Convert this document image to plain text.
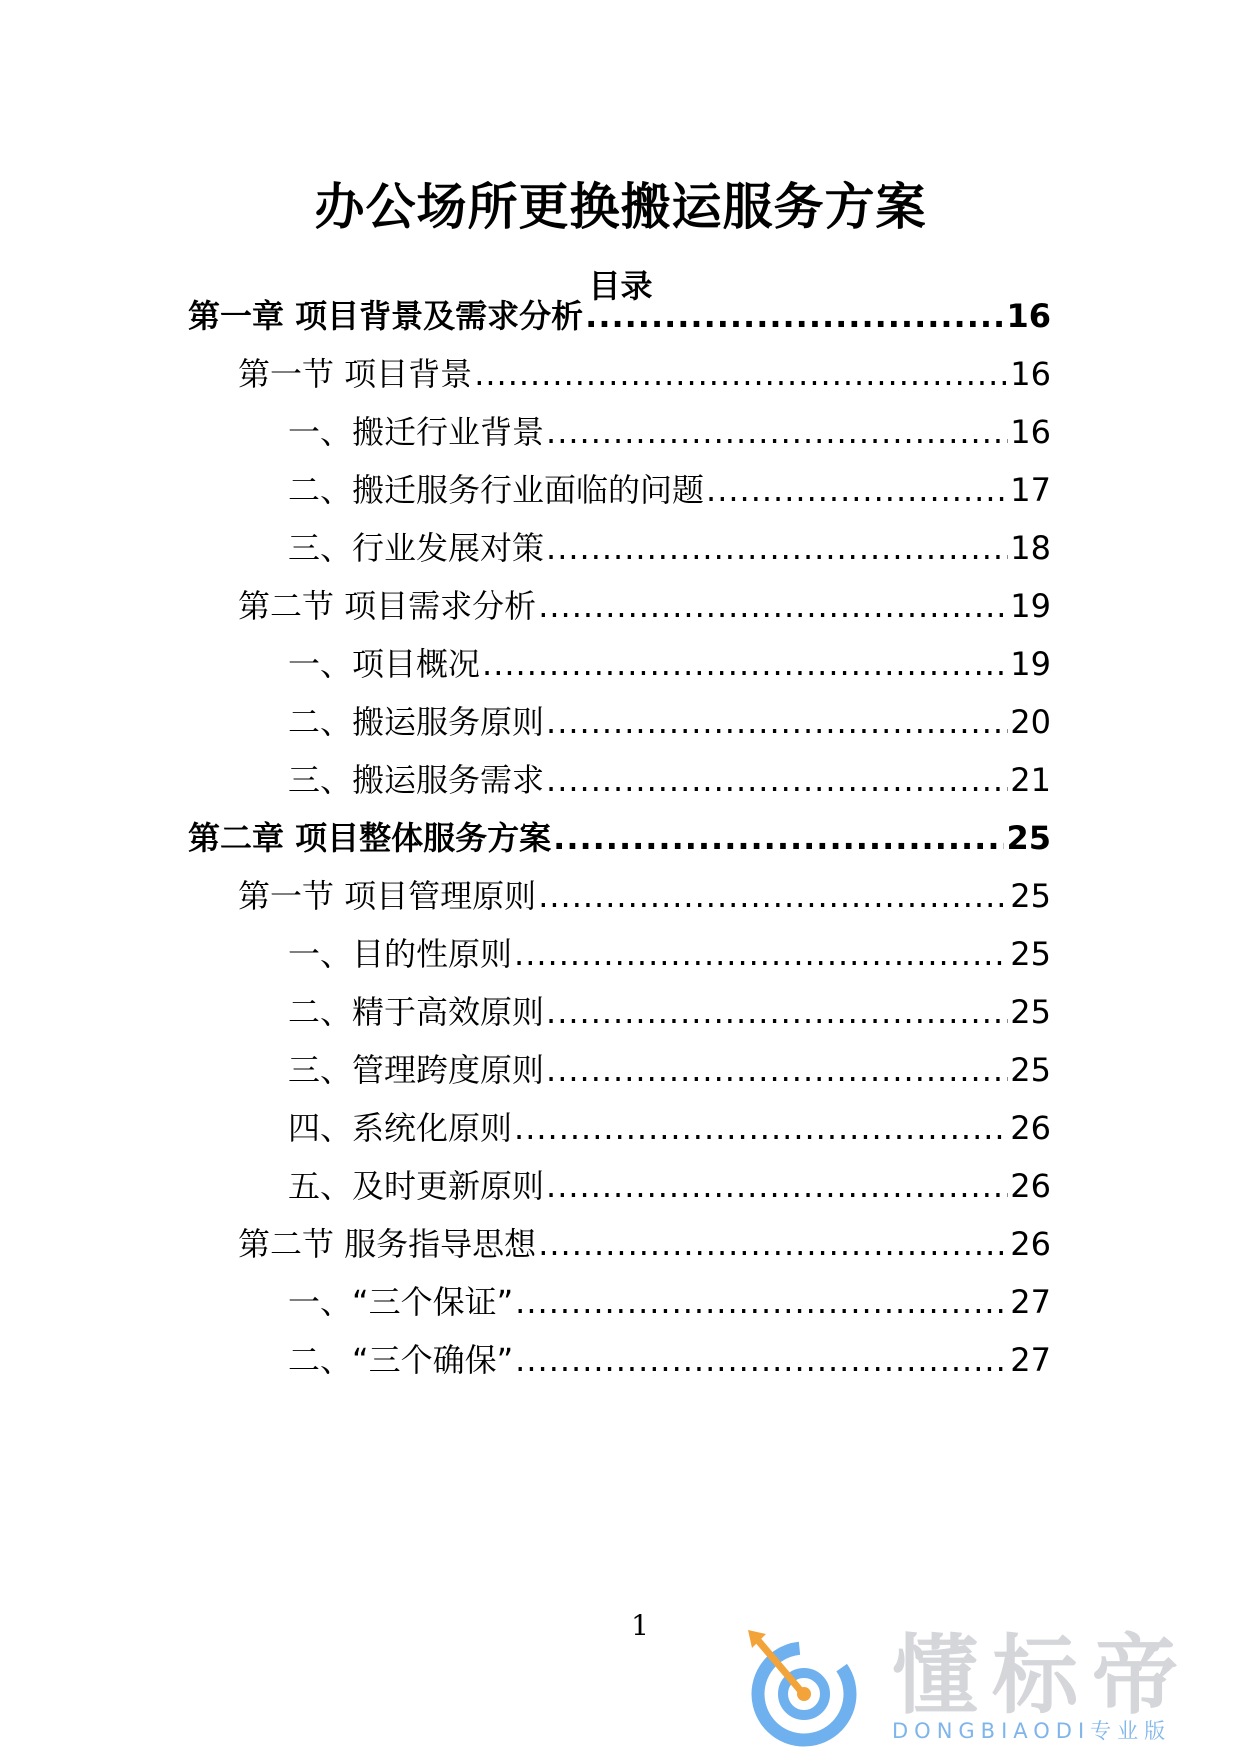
办公场所更换搬运服务方案
目录
第一章 项目背景及需求分析 .....	16
第一节 项目背景 .....	16
一、搬迁行业背景 .....	16
二、搬迁服务行业面临的问题 .....	17
三、行业发展对策 .....	18
第二节 项目需求分析 .....	19
一、项目概况 .....	19
二、搬运服务原则 .....	20
三、搬运服务需求 .....	21
第二章 项目整体服务方案 .....	25
第一节 项目管理原则 .....	25
一、目的性原则 .....	25
二、精于高效原则 .....	25
三、管理跨度原则 .....	25
四、系统化原则 .....	26
五、及时更新原则 .....	26
第二节 服务指导思想 .....	26
一、“三个保证” .....	27
二、“三个确保” .....	27
1
懂标帝
DONGBIAODI专业版
